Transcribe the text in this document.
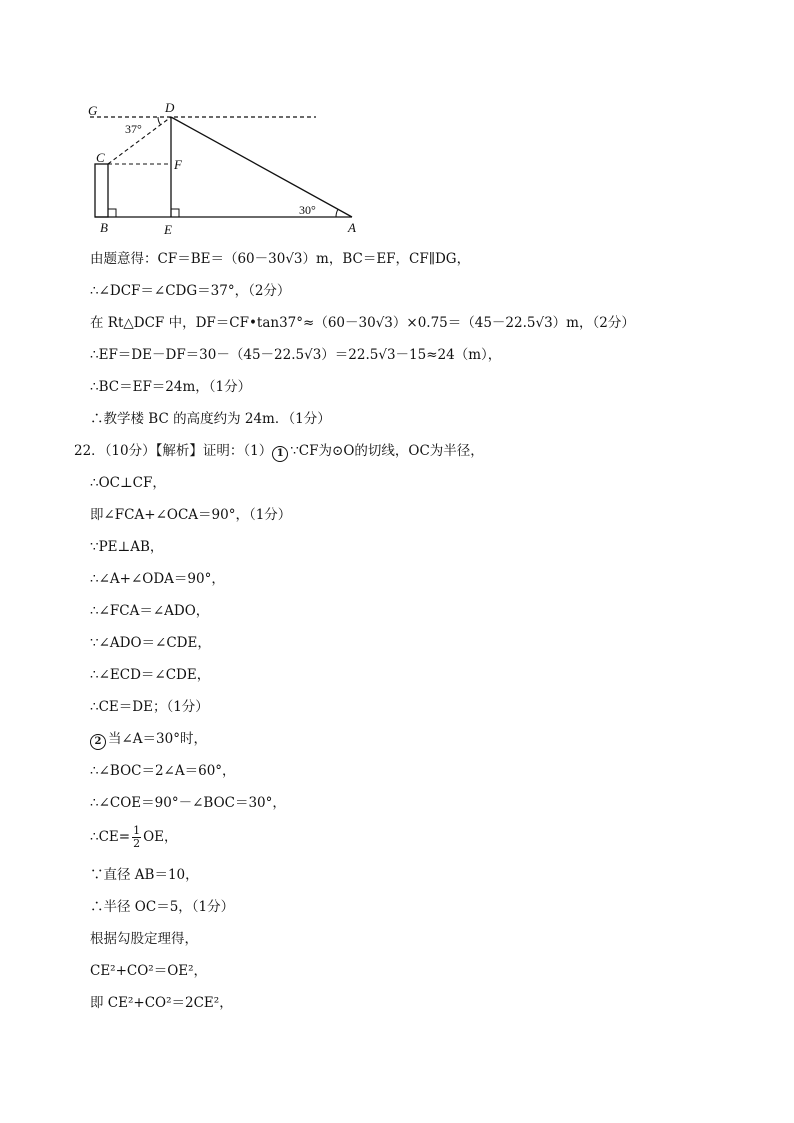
G	D
C	F
B	E	A
37°
30°
由题意得：CF＝BE＝（60－30√3）m，BC＝EF，CF∥DG，
∴∠DCF＝∠CDG＝37°，（2分）
在 Rt△DCF 中，DF＝CF•tan37°≈（60－30√3）×0.75＝（45－22.5√3）m，（2分）
∴EF＝DE－DF＝30－（45－22.5√3）＝22.5√3－15≈24（m），
∴BC＝EF＝24m，（1分）
∴教学楼 BC 的高度约为 24m．（1分）
22．（10分）【解析】证明：（1） 1 ∵CF为⊙O的切线，OC为半径，
∴OC⊥CF，
即∠FCA+∠OCA＝90°，（1分）
∵PE⊥AB，
∴∠A+∠ODA＝90°，
∴∠FCA＝∠ADO，
∵∠ADO＝∠CDE，
∴∠ECD＝∠CDE，
∴CE＝DE；（1分）
2 当∠A＝30°时，
∴∠BOC＝2∠A＝60°，
∴∠COE＝90°－∠BOC＝30°，
∴CE= $\frac{1}{2}$ OE，
∵直径 AB＝10，
∴半径 OC＝5，（1分）
根据勾股定理得，
CE²+CO²＝OE²，
即 CE²+CO²＝2CE²，
